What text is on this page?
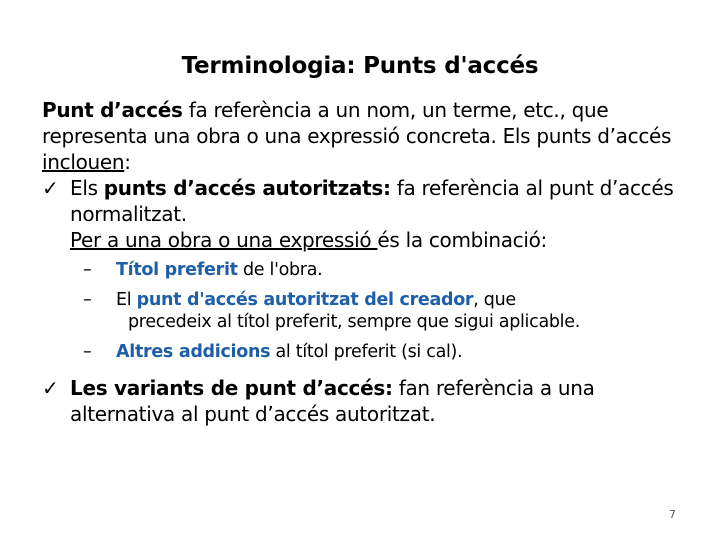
Terminologia: Punts d'accés

Punt d’accés fa referència a un nom, un terme, etc., que representa una obra o una expressió concreta. Els punts d’accés inclouen:

✓ Els punts d’accés autoritzats: fa referència al punt d’accés normalitzat.
Per a una obra o una expressió és la combinació:
–	Títol preferit de l'obra.
–	El punt d'accés autoritzat del creador, que
precedeix al títol preferit, sempre que sigui aplicable.
–	Altres addicions al títol preferit (si cal).
✓ Les variants de punt d’accés: fan referència a una alternativa al punt d’accés autoritzat.
7
